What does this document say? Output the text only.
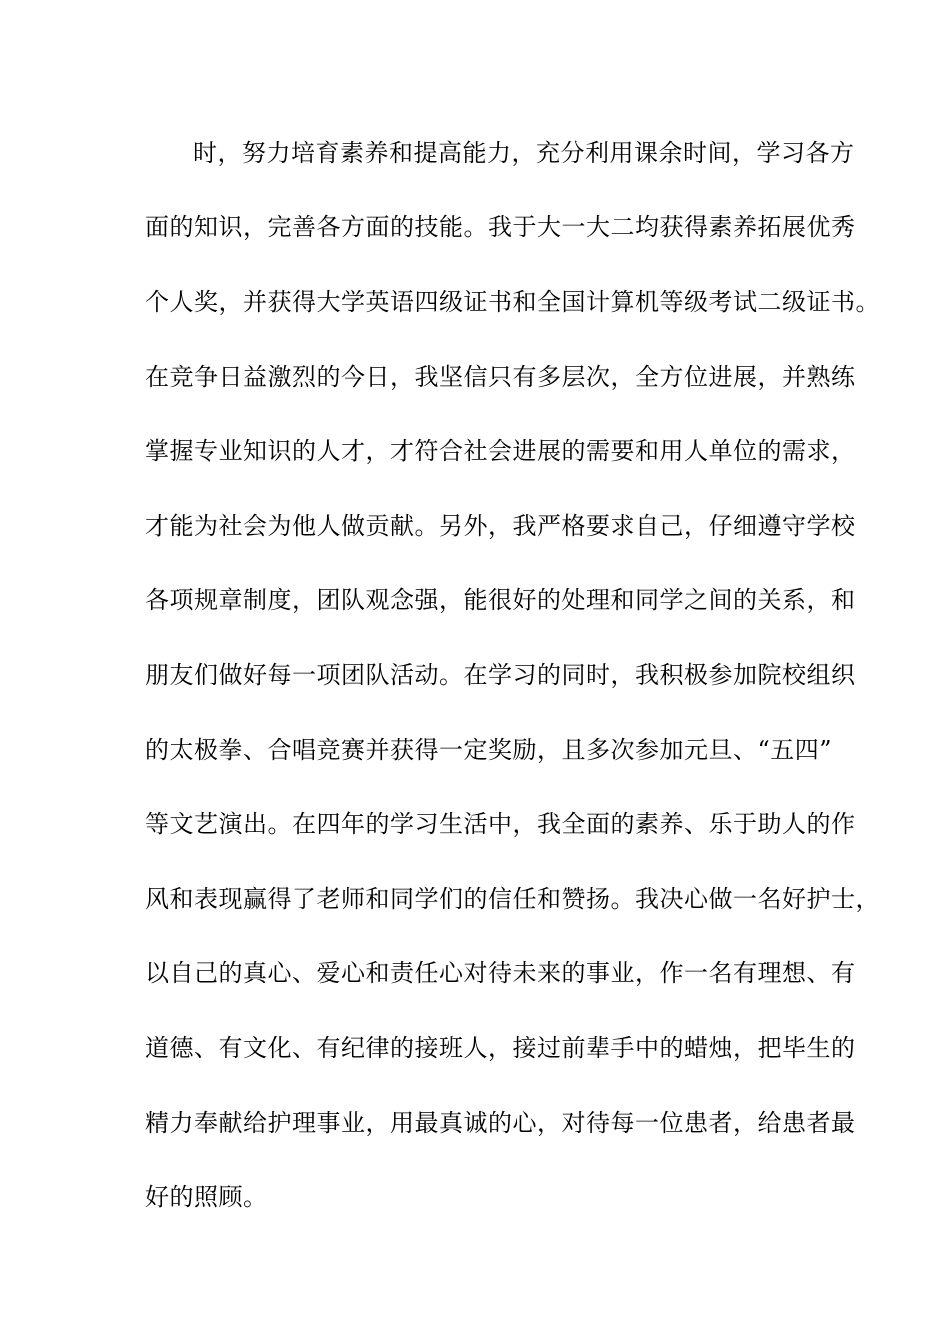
时，努力培育素养和提高能力，充分利用课余时间，学习各方
面的知识，完善各方面的技能。我于大一大二均获得素养拓展优秀
个人奖，并获得大学英语四级证书和全国计算机等级考试二级证书。
在竞争日益激烈的今日，我坚信只有多层次，全方位进展，并熟练
掌握专业知识的人才，才符合社会进展的需要和用人单位的需求，
才能为社会为他人做贡献。另外，我严格要求自己，仔细遵守学校
各项规章制度，团队观念强，能很好的处理和同学之间的关系，和
朋友们做好每一项团队活动。在学习的同时，我积极参加院校组织
的太极拳、合唱竞赛并获得一定奖励，且多次参加元旦、“五四”
等文艺演出。在四年的学习生活中，我全面的素养、乐于助人的作
风和表现赢得了老师和同学们的信任和赞扬。我决心做一名好护士，
以自己的真心、爱心和责任心对待未来的事业，作一名有理想、有
道德、有文化、有纪律的接班人，接过前辈手中的蜡烛，把毕生的
精力奉献给护理事业，用最真诚的心，对待每一位患者，给患者最
好的照顾。
